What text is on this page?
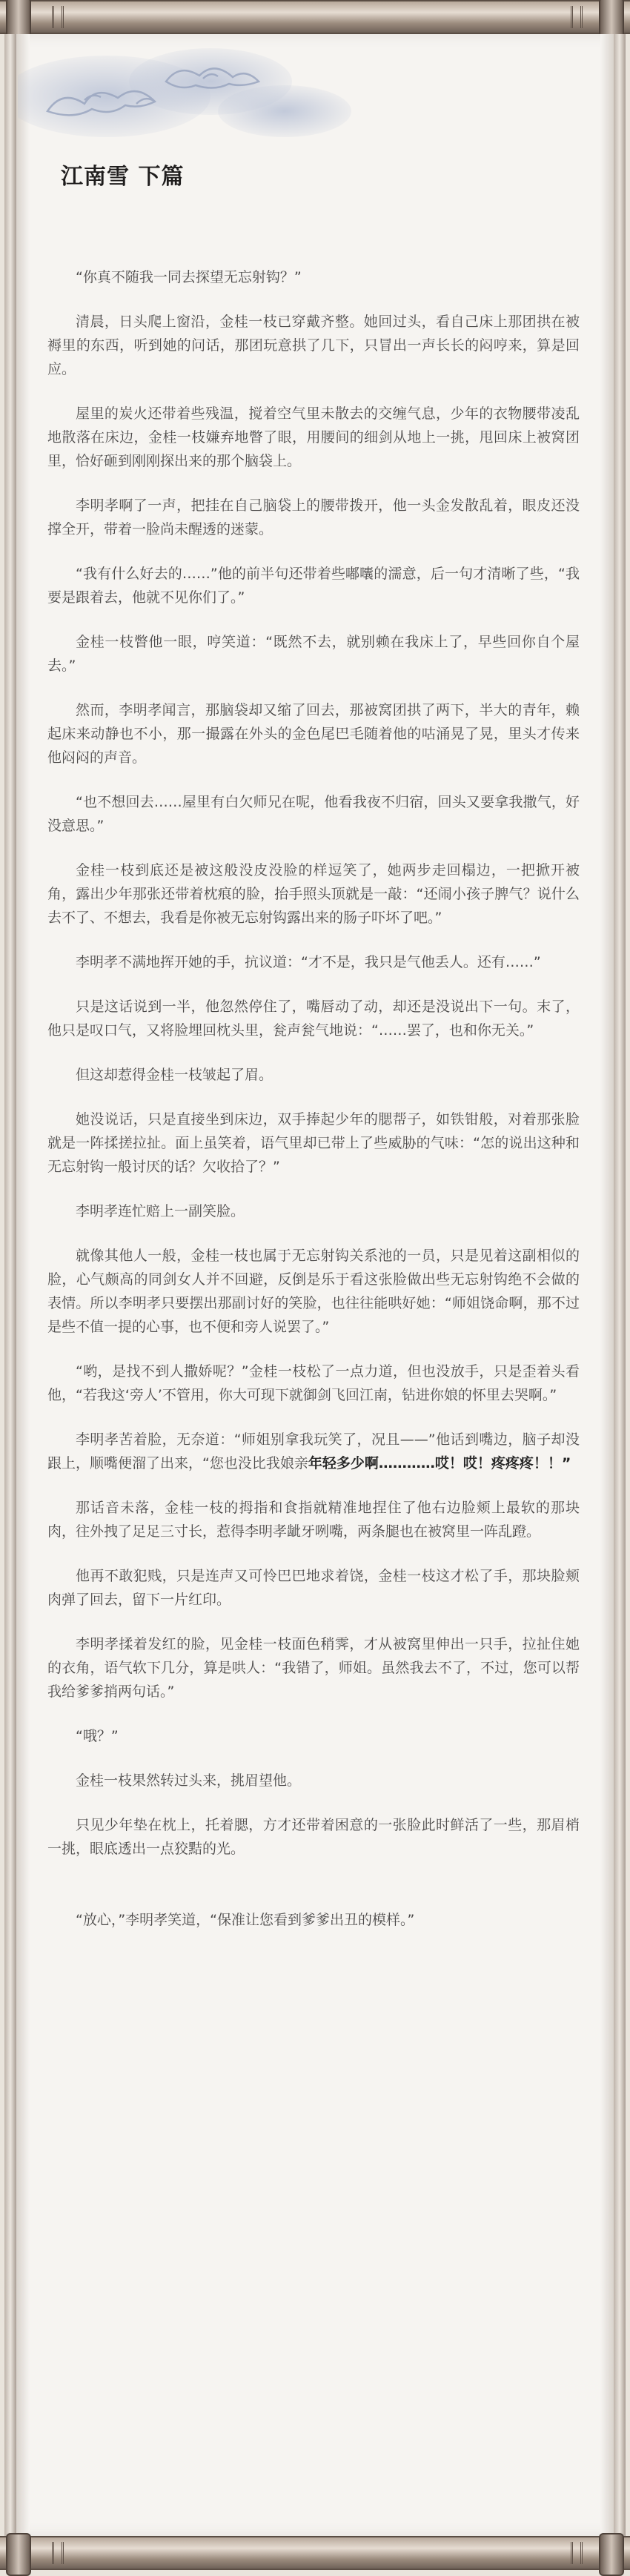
江南雪 下篇

“你真不随我一同去探望无忘射钩？”

清晨，日头爬上窗沿，金桂一枝已穿戴齐整。她回过头，看自己床上那团拱在被褥里的东西，听到她的问话，那团玩意拱了几下，只冒出一声长长的闷哼来，算是回应。

屋里的炭火还带着些残温，搅着空气里未散去的交缠气息，少年的衣物腰带凌乱地散落在床边，金桂一枝嫌弃地瞥了眼，用腰间的细剑从地上一挑，甩回床上被窝团里，恰好砸到刚刚探出来的那个脑袋上。

李明孝啊了一声，把挂在自己脑袋上的腰带拨开，他一头金发散乱着，眼皮还没撑全开，带着一脸尚未醒透的迷蒙。

“我有什么好去的……”他的前半句还带着些嘟囔的濡意，后一句才清晰了些，“我要是跟着去，他就不见你们了。”

金桂一枝瞥他一眼，哼笑道：“既然不去，就别赖在我床上了，早些回你自个屋去。”

然而，李明孝闻言，那脑袋却又缩了回去，那被窝团拱了两下，半大的青年，赖起床来动静也不小，那一撮露在外头的金色尾巴毛随着他的咕涌晃了晃，里头才传来他闷闷的声音。

“也不想回去……屋里有白欠师兄在呢，他看我夜不归宿，回头又要拿我撒气，好没意思。”

金桂一枝到底还是被这般没皮没脸的样逗笑了，她两步走回榻边，一把掀开被角，露出少年那张还带着枕痕的脸，抬手照头顶就是一敲：“还闹小孩子脾气？说什么去不了、不想去，我看是你被无忘射钩露出来的肠子吓坏了吧。”

李明孝不满地挥开她的手，抗议道：“才不是，我只是气他丢人。还有……”

只是这话说到一半，他忽然停住了，嘴唇动了动，却还是没说出下一句。末了，他只是叹口气，又将脸埋回枕头里，瓮声瓮气地说：“……罢了，也和你无关。”

但这却惹得金桂一枝皱起了眉。

她没说话，只是直接坐到床边，双手捧起少年的腮帮子，如铁钳般，对着那张脸就是一阵揉搓拉扯。面上虽笑着，语气里却已带上了些威胁的气味：“怎的说出这种和无忘射钩一般讨厌的话？欠收拾了？”

李明孝连忙赔上一副笑脸。

就像其他人一般，金桂一枝也属于无忘射钩关系池的一员，只是见着这副相似的脸，心气颇高的同剑女人并不回避，反倒是乐于看这张脸做出些无忘射钩绝不会做的表情。所以李明孝只要摆出那副讨好的笑脸，也往往能哄好她：“师姐饶命啊，那不过是些不值一提的心事，也不便和旁人说罢了。”

“哟，是找不到人撒娇呢？”金桂一枝松了一点力道，但也没放手，只是歪着头看他，“若我这‘旁人’不管用，你大可现下就御剑飞回江南，钻进你娘的怀里去哭啊。”

李明孝苦着脸，无奈道：“师姐别拿我玩笑了，况且——”他话到嘴边，脑子却没跟上，顺嘴便溜了出来，“您也没比我娘亲年轻多少啊…………哎！哎！疼疼疼！！”

那话音未落，金桂一枝的拇指和食指就精准地捏住了他右边脸颊上最软的那块肉，往外拽了足足三寸长，惹得李明孝龇牙咧嘴，两条腿也在被窝里一阵乱蹬。

他再不敢犯贱，只是连声又可怜巴巴地求着饶，金桂一枝这才松了手，那块脸颊肉弹了回去，留下一片红印。

李明孝揉着发红的脸，见金桂一枝面色稍霁，才从被窝里伸出一只手，拉扯住她的衣角，语气软下几分，算是哄人：“我错了，师姐。虽然我去不了，不过，您可以帮我给爹爹捎两句话。”

“哦？”

金桂一枝果然转过头来，挑眉望他。

只见少年垫在枕上，托着腮，方才还带着困意的一张脸此时鲜活了一些，那眉梢一挑，眼底透出一点狡黠的光。

“放心，”李明孝笑道，“保准让您看到爹爹出丑的模样。”
